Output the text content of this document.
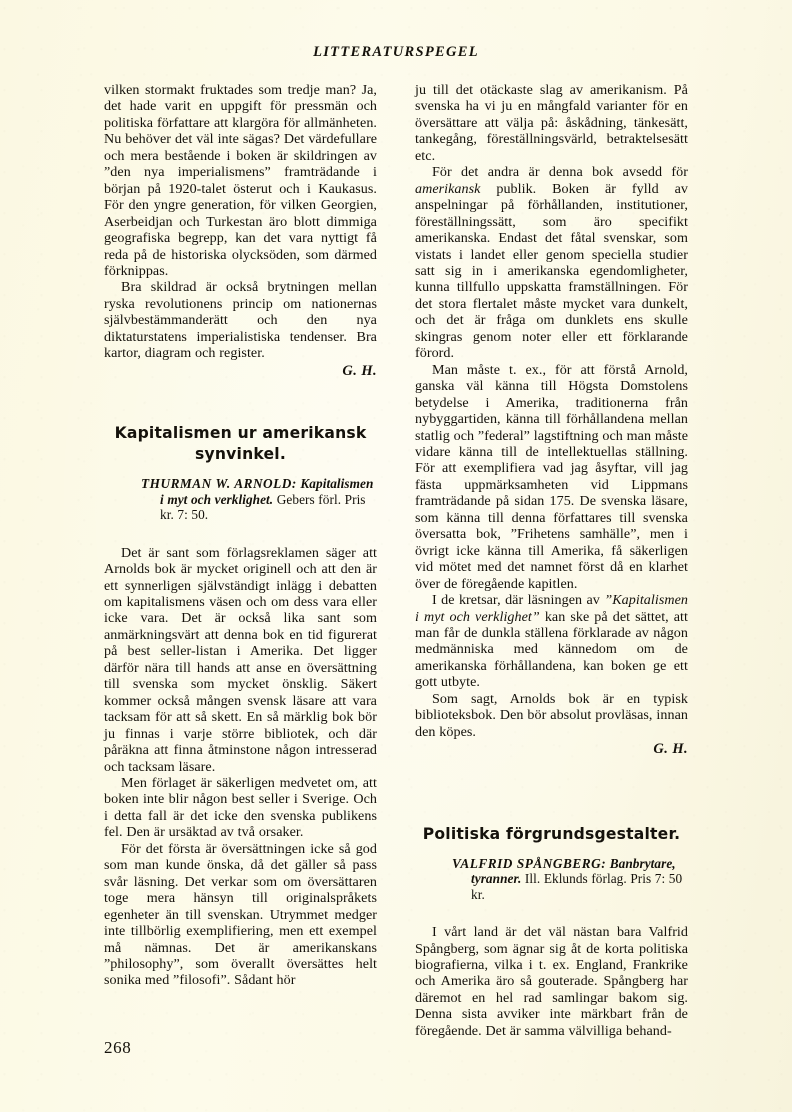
LITTERATURSPEGEL

vilken stormakt fruktades som tredje man? Ja, det hade varit en uppgift för pressmän och politiska författare att klargöra för allmänheten. Nu behöver det väl inte sägas? Det värdefullare och mera bestående i boken är skildringen av ”den nya imperialismens” framträdande i början på 1920-talet österut och i Kaukasus. För den yngre generation, för vilken Georgien, Aserbeidjan och Turkestan äro blott dimmiga geografiska begrepp, kan det vara nyttigt få reda på de historiska olycksöden, som därmed förknippas.

Bra skildrad är också brytningen mellan ryska revolutionens princip om nationernas självbestämmanderätt och den nya diktaturstatens imperialistiska tendenser. Bra kartor, diagram och register.

G. H.
Kapitalismen ur amerikansk synvinkel.
THURMAN W. ARNOLD: Kapitalismen i myt och verklighet. Gebers förl. Pris kr. 7: 50.

Det är sant som förlagsreklamen säger att Arnolds bok är mycket originell och att den är ett synnerligen självständigt inlägg i debatten om kapitalismens väsen och om dess vara eller icke vara. Det är också lika sant som anmärkningsvärt att denna bok en tid figurerat på best seller-listan i Amerika. Det ligger därför nära till hands att anse en översättning till svenska som mycket önsklig. Säkert kommer också mången svensk läsare att vara tacksam för att så skett. En så märklig bok bör ju finnas i varje större bibliotek, och där påräkna att finna åtminstone någon intresserad och tacksam läsare.

Men förlaget är säkerligen medvetet om, att boken inte blir någon best seller i Sverige. Och i detta fall är det icke den svenska publikens fel. Den är ursäktad av två orsaker.

För det första är översättningen icke så god som man kunde önska, då det gäller så pass svår läsning. Det verkar som om översättaren toge mera hänsyn till originalspråkets egenheter än till svenskan. Utrymmet medger inte tillbörlig exemplifiering, men ett exempel må nämnas. Det är amerikanskans ”philosophy”, som överallt översättes helt sonika med ”filosofi”. Sådant hör

ju till det otäckaste slag av amerikanism. På svenska ha vi ju en mångfald varianter för en översättare att välja på: åskådning, tänkesätt, tankegång, föreställningsvärld, betraktelsesätt etc.

För det andra är denna bok avsedd för amerikansk publik. Boken är fylld av anspelningar på förhållanden, institutioner, föreställningssätt, som äro specifikt amerikanska. Endast det fåtal svenskar, som vistats i landet eller genom speciella studier satt sig in i amerikanska egendomligheter, kunna tillfullo uppskatta framställningen. För det stora flertalet måste mycket vara dunkelt, och det är fråga om dunklets ens skulle skingras genom noter eller ett förklarande förord.

Man måste t. ex., för att förstå Arnold, ganska väl känna till Högsta Domstolens betydelse i Amerika, traditionerna från nybyggartiden, känna till förhållandena mellan statlig och ”federal” lagstiftning och man måste vidare känna till de intellektuellas ställning. För att exemplifiera vad jag åsyftar, vill jag fästa uppmärksamheten vid Lippmans framträdande på sidan 175. De svenska läsare, som känna till denna författares till svenska översatta bok, ”Frihetens samhälle”, men i övrigt icke känna till Amerika, få säkerligen vid mötet med det namnet först då en klarhet över de föregående kapitlen.

I de kretsar, där läsningen av ”Kapitalismen i myt och verklighet” kan ske på det sättet, att man får de dunkla ställena förklarade av någon medmänniska med kännedom om de amerikanska förhållandena, kan boken ge ett gott utbyte.

Som sagt, Arnolds bok är en typisk biblioteksbok. Den bör absolut provläsas, innan den köpes.

G. H.
Politiska förgrundsgestalter.
VALFRID SPÅNGBERG: Banbrytare, tyranner. Ill. Eklunds förlag. Pris 7: 50 kr.

I vårt land är det väl nästan bara Valfrid Spångberg, som ägnar sig åt de korta politiska biografierna, vilka i t. ex. England, Frankrike och Amerika äro så gouterade. Spångberg har däremot en hel rad samlingar bakom sig. Denna sista avviker inte märkbart från de föregående. Det är samma välvilliga behand-

268
